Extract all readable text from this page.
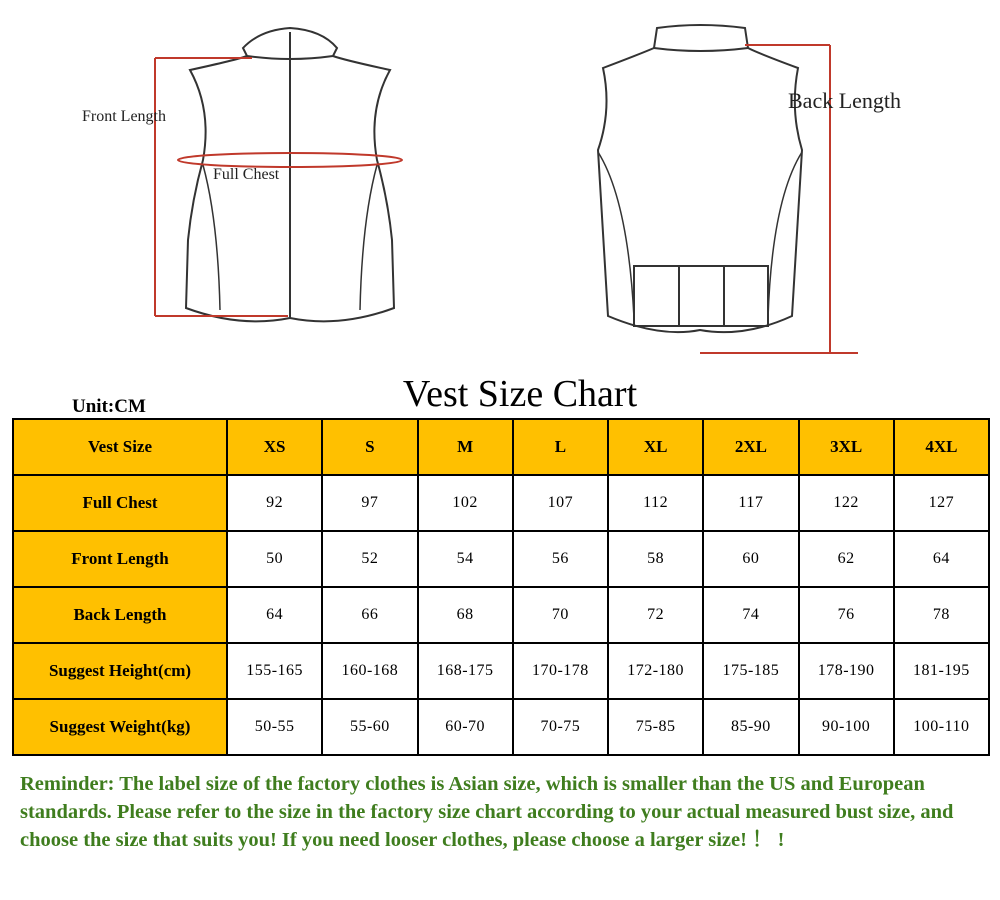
Front Length
Full Chest
Back Length
Unit:CM	Vest Size Chart
Vest Size	XS	S	M	L	XL	2XL	3XL	4XL
Full Chest	92	97	102	107	112	117	122	127
Front Length	50	52	54	56	58	60	62	64
Back Length	64	66	68	70	72	74	76	78
Suggest Height(cm)	155-165	160-168	168-175	170-178	172-180	175-185	178-190	181-195
Suggest Weight(kg)	50-55	55-60	60-70	70-75	75-85	85-90	90-100	100-110
Reminder: The label size of the factory clothes is Asian size, which is smaller than the US and European standards. Please refer to the size in the factory size chart according to your actual measured bust size, and choose the size that suits you! If you need looser clothes, please choose a larger size! ！ !
